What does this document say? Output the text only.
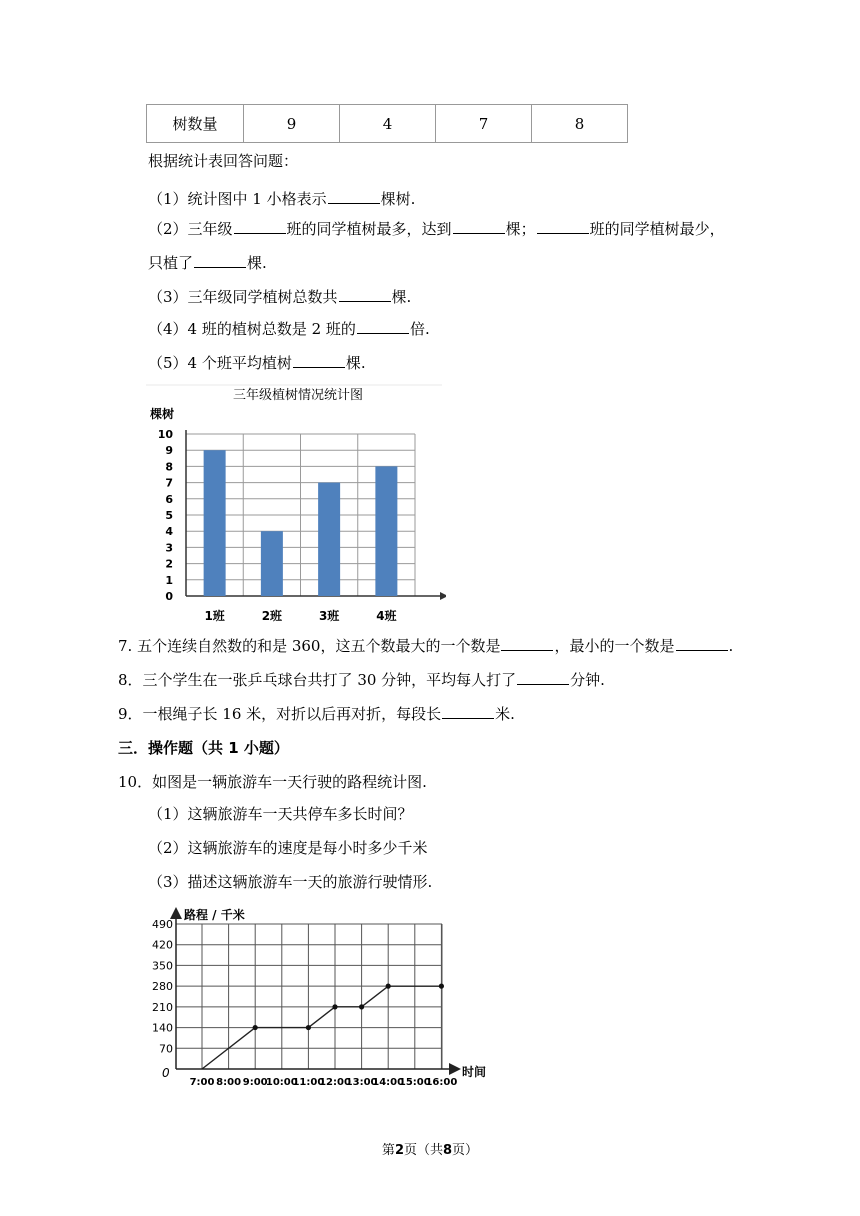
树数量	9	4	7	8
根据统计表回答问题：
（1）统计图中 1 小格表示	棵树.
（2）三年级	班的同学植树最多，达到	棵；	班的同学植树最少，
只植了	棵.
（3）三年级同学植树总数共	棵.
（4）4 班的植树总数是 2 班的	倍.
（5）4 个班平均植树	棵.
三年级植树情况统计图
棵树
0
1
2
3
4
5
6
7
8
9
10
1班	2班	3班	4班
7. 五个连续自然数的和是 360，这五个数最大的一个数是	，最小的一个数是	.
8．三个学生在一张乒乓球台共打了 30 分钟，平均每人打了	分钟.
9．一根绳子长 16 米，对折以后再对折，每段长	米.
三．操作题（共 1 小题）
10．如图是一辆旅游车一天行驶的路程统计图.
（1）这辆旅游车一天共停车多长时间？
（2）这辆旅游车的速度是每小时多少千米
（3）描述这辆旅游车一天的旅游行驶情形.
路程 / 千米
时间
0
70
140
210
280
350
420
490
7:00 8:00 9:00
10:00
11:00
12:00
13:00
14:00
15:00
16:00
第2页（共8页）
